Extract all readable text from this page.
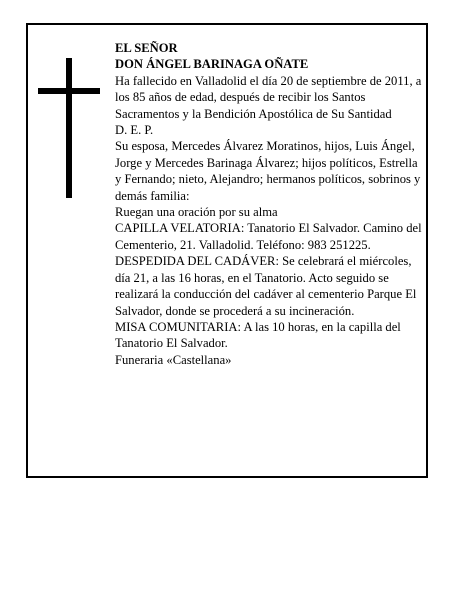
EL SEÑOR

DON ÁNGEL BARINAGA OÑATE

Ha fallecido en Valladolid el día 20 de septiembre de 2011, a los 85 años de edad, después de recibir los Santos Sacramentos y la Bendición Apostólica de Su Santidad

D. E. P.

Su esposa, Mercedes Álvarez Moratinos, hijos, Luis Ángel, Jorge y Mercedes Barinaga Álvarez; hijos políticos, Estrella y Fernando; nieto, Alejandro; hermanos políticos, sobrinos y demás familia:

Ruegan una oración por su alma

CAPILLA VELATORIA: Tanatorio El Salvador. Camino del Cementerio, 21. Valladolid. Teléfono: 983 251225.

DESPEDIDA DEL CADÁVER: Se celebrará el miércoles, día 21, a las 16 horas, en el Tanatorio. Acto seguido se realizará la conducción del cadáver al cementerio Parque El Salvador, donde se procederá a su incineración.

MISA COMUNITARIA: A las 10 horas, en la capilla del Tanatorio El Salvador.

Funeraria «Castellana»
